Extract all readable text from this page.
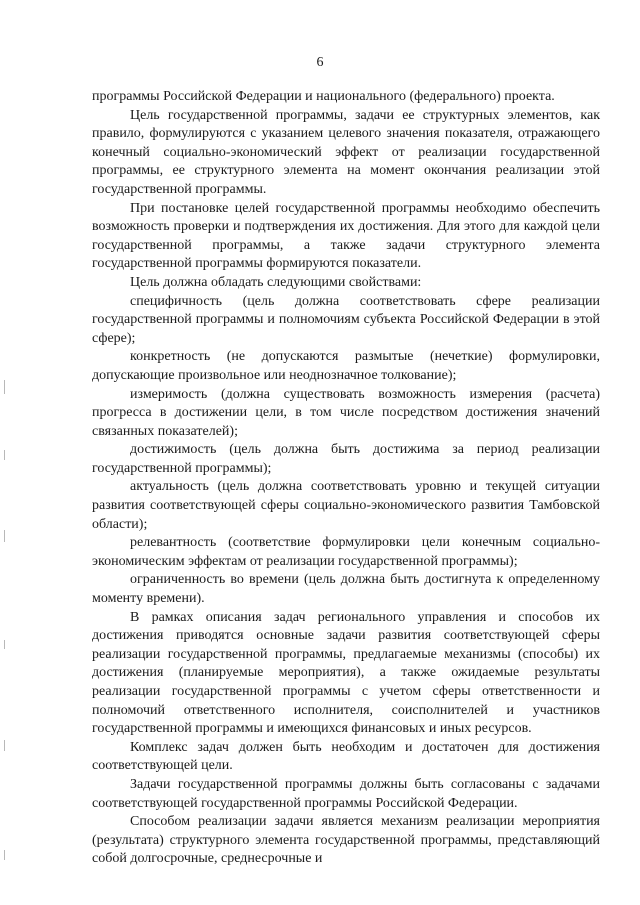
6

программы Российской Федерации и национального (федерального) проекта.

Цель государственной программы, задачи ее структурных элементов, как правило, формулируются с указанием целевого значения показателя, отражающего конечный социально-экономический эффект от реализации государственной программы, ее структурного элемента на момент окончания реализации этой государственной программы.

При постановке целей государственной программы необходимо обеспечить возможность проверки и подтверждения их достижения. Для этого для каждой цели государственной программы, а также задачи структурного элемента государственной программы формируются показатели.

Цель должна обладать следующими свойствами:

специфичность (цель должна соответствовать сфере реализации государственной программы и полномочиям субъекта Российской Федерации в этой сфере);

конкретность (не допускаются размытые (нечеткие) формулировки, допускающие произвольное или неоднозначное толкование);

измеримость (должна существовать возможность измерения (расчета) прогресса в достижении цели, в том числе посредством достижения значений связанных показателей);

достижимость (цель должна быть достижима за период реализации государственной программы);

актуальность (цель должна соответствовать уровню и текущей ситуации развития соответствующей сферы социально-экономического развития Тамбовской области);

релевантность (соответствие формулировки цели конечным социально-экономическим эффектам от реализации государственной программы);

ограниченность во времени (цель должна быть достигнута к определенному моменту времени).

В рамках описания задач регионального управления и способов их достижения приводятся основные задачи развития соответствующей сферы реализации государственной программы, предлагаемые механизмы (способы) их достижения (планируемые мероприятия), а также ожидаемые результаты реализации государственной программы с учетом сферы ответственности и полномочий ответственного исполнителя, соисполнителей и участников государственной программы и имеющихся финансовых и иных ресурсов.

Комплекс задач должен быть необходим и достаточен для достижения соответствующей цели.

Задачи государственной программы должны быть согласованы с задачами соответствующей государственной программы Российской Федерации.

Способом реализации задачи является механизм реализации мероприятия (результата) структурного элемента государственной программы, представляющий собой долгосрочные, среднесрочные и
